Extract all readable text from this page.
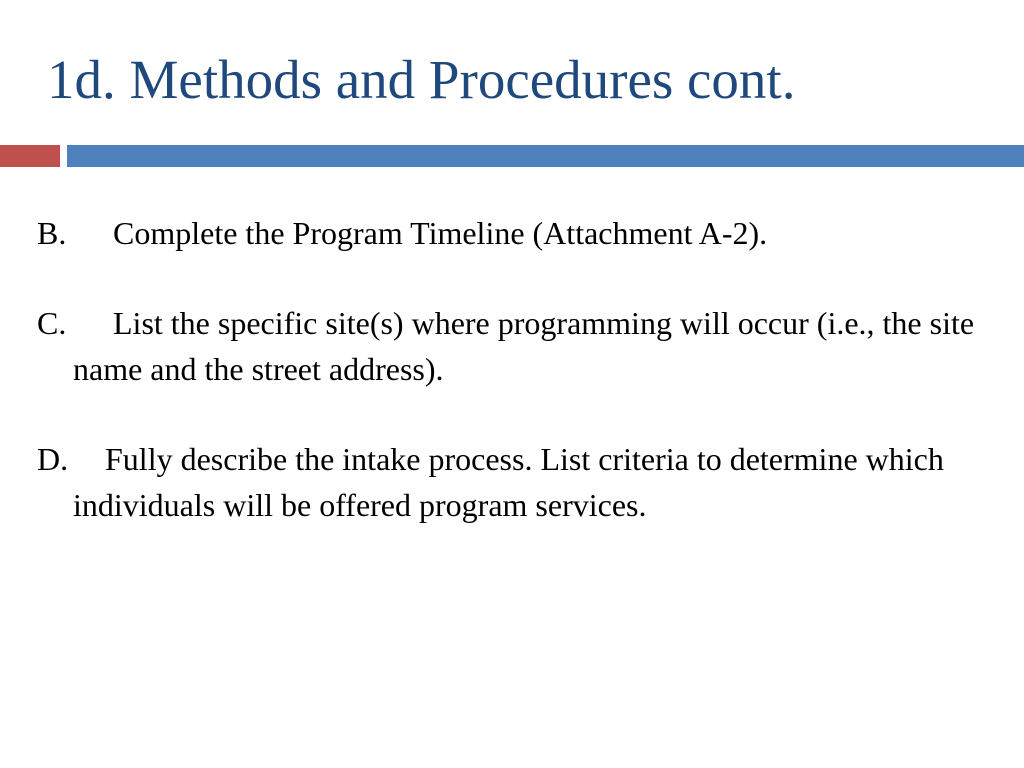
1d. Methods and Procedures cont.
B. Complete the Program Timeline (Attachment A-2).
C. List the specific site(s) where programming will occur (i.e., the site name and the street address).
D. Fully describe the intake process. List criteria to determine which individuals will be offered program services.
